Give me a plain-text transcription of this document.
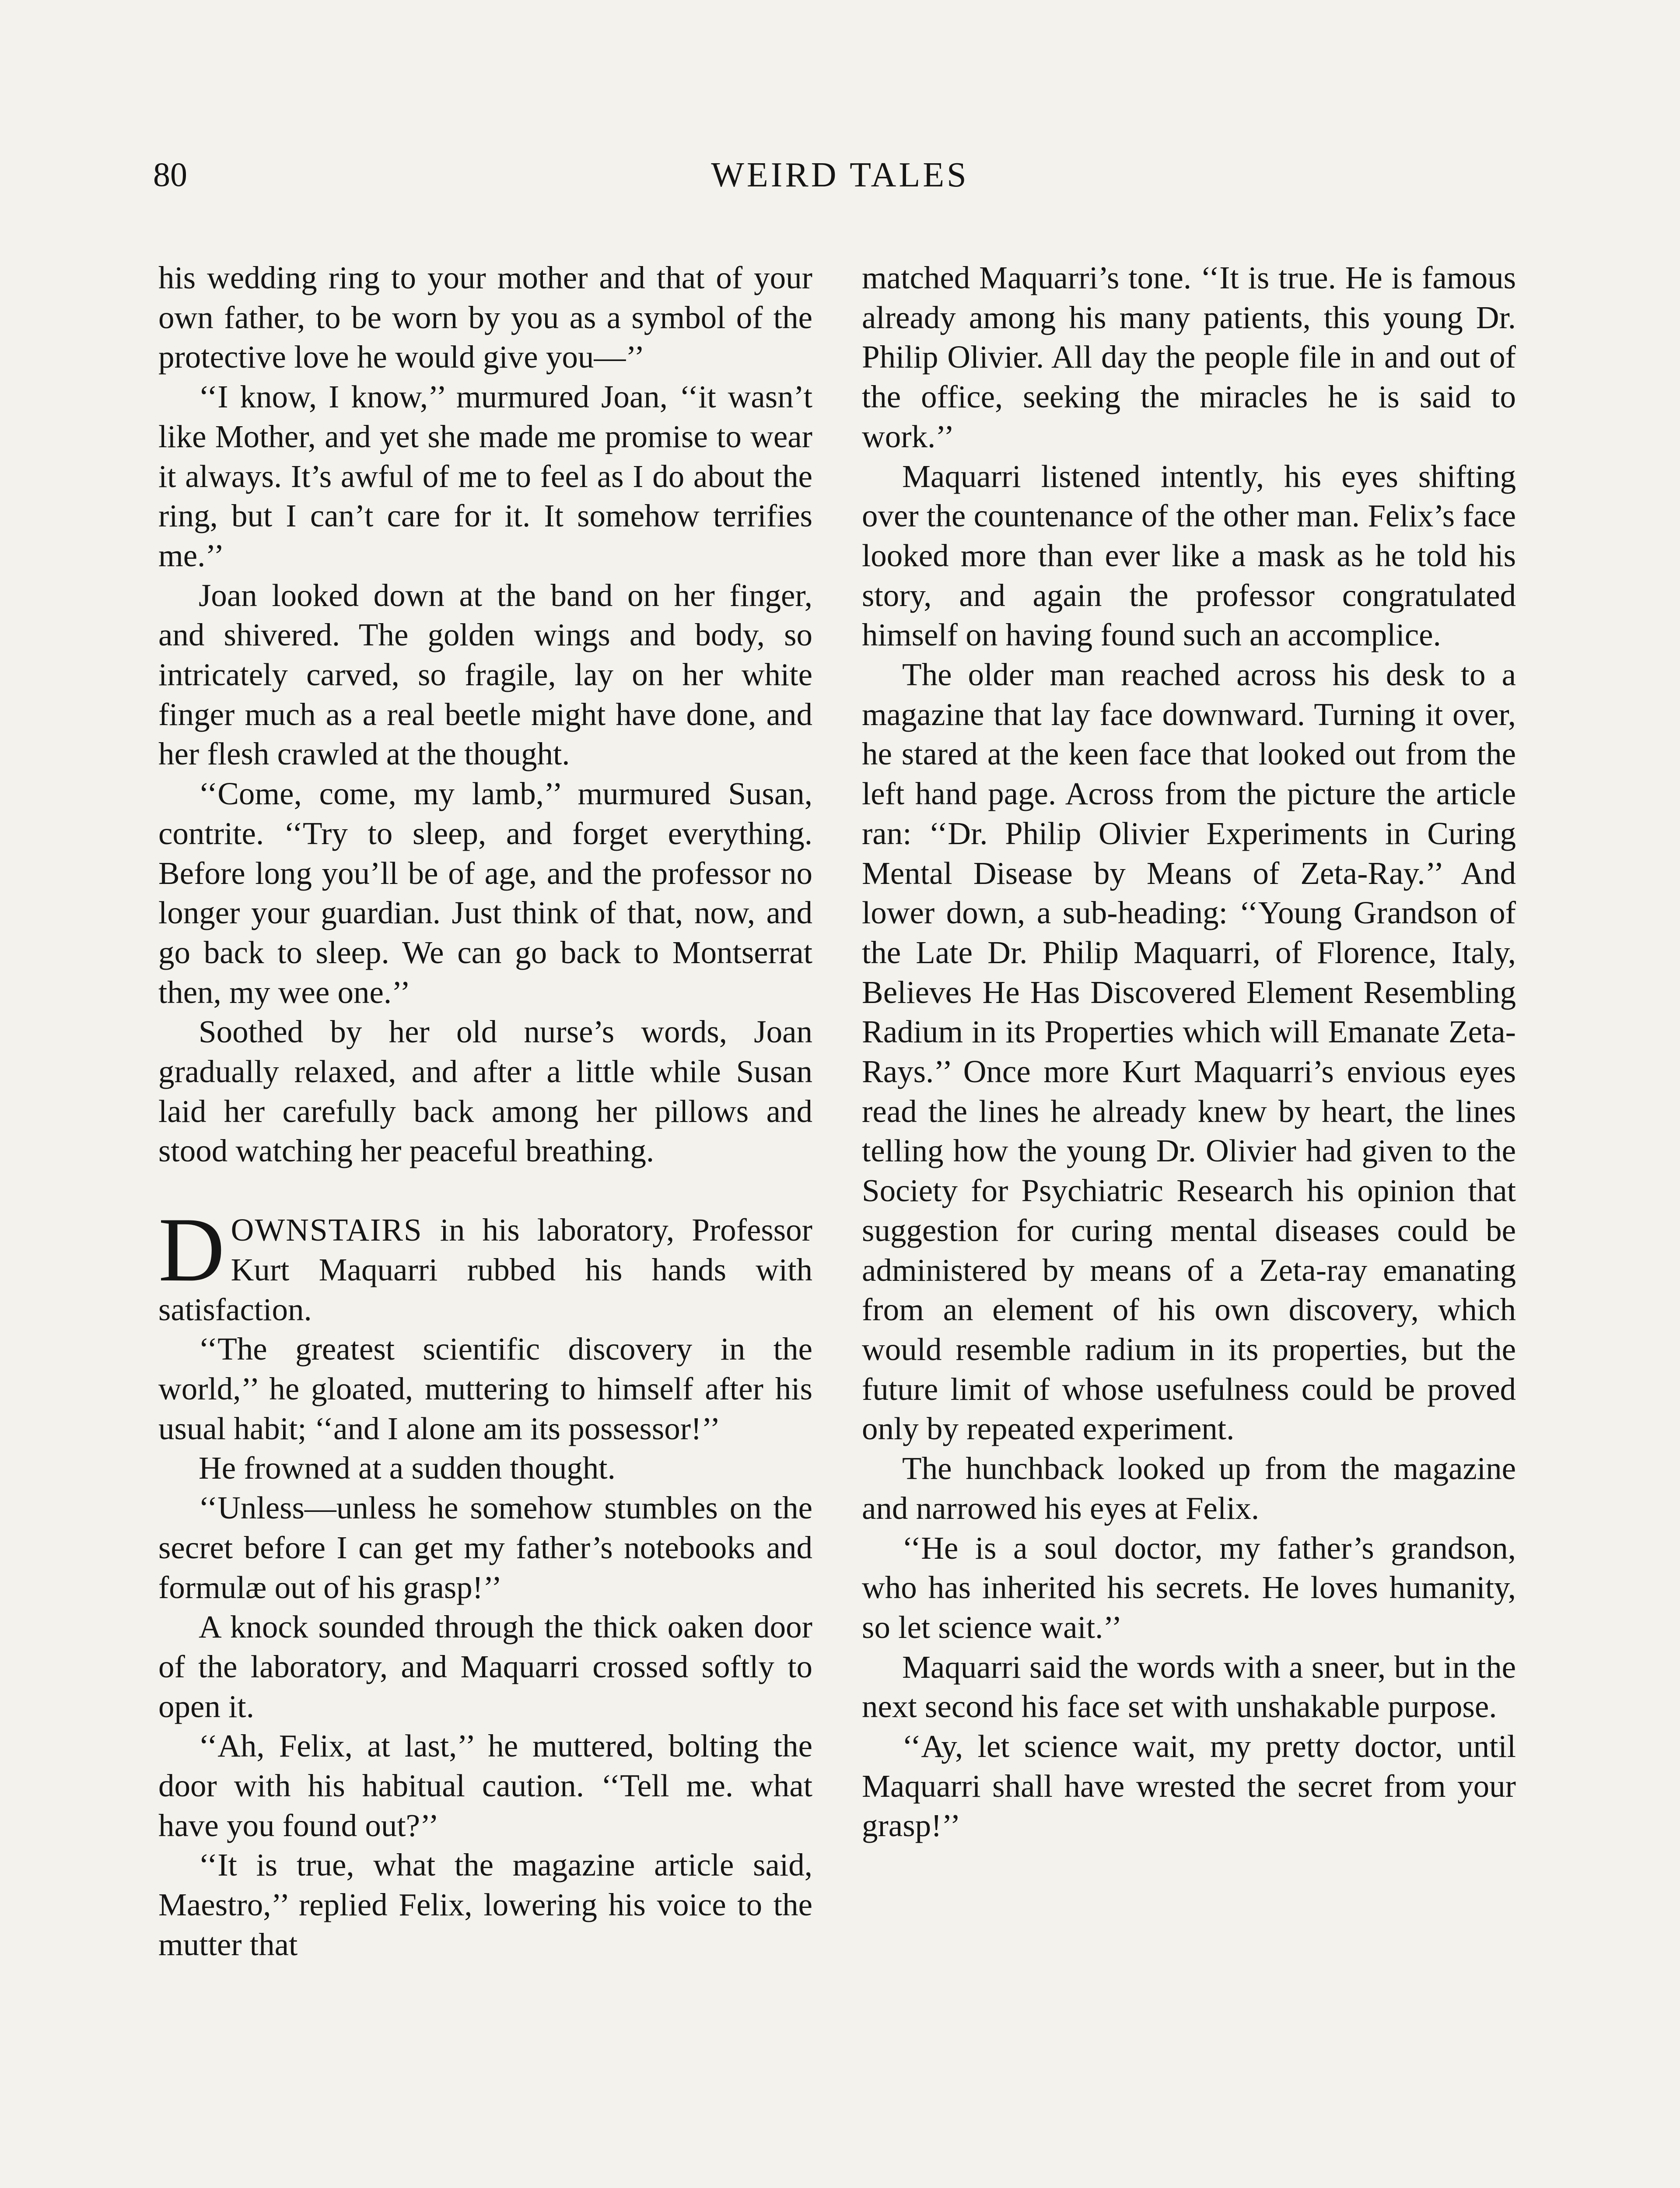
80	WEIRD TALES

his wedding ring to your mother and that of your own father, to be worn by you as a symbol of the protective love he would give you—’’

‘‘I know, I know,’’ murmured Joan, ‘‘it wasn’t like Mother, and yet she made me promise to wear it always. It’s awful of me to feel as I do about the ring, but I can’t care for it. It somehow terrifies me.’’

Joan looked down at the band on her finger, and shivered. The golden wings and body, so intricately carved, so fragile, lay on her white finger much as a real beetle might have done, and her flesh crawled at the thought.

‘‘Come, come, my lamb,’’ murmured Susan, contrite. ‘‘Try to sleep, and forget everything. Before long you’ll be of age, and the professor no longer your guardian. Just think of that, now, and go back to sleep. We can go back to Montserrat then, my wee one.’’

Soothed by her old nurse’s words, Joan gradually relaxed, and after a little while Susan laid her carefully back among her pillows and stood watching her peaceful breathing.

DOWNSTAIRS in his laboratory, Professor Kurt Maquarri rubbed his hands with satisfaction.

‘‘The greatest scientific discovery in the world,’’ he gloated, muttering to himself after his usual habit; ‘‘and I alone am its possessor!’’

He frowned at a sudden thought.

‘‘Unless—unless he somehow stumbles on the secret before I can get my father’s notebooks and formulæ out of his grasp!’’

A knock sounded through the thick oaken door of the laboratory, and Maquarri crossed softly to open it.

‘‘Ah, Felix, at last,’’ he muttered, bolting the door with his habitual caution. ‘‘Tell me. what have you found out?’’

‘‘It is true, what the magazine article said, Maestro,’’ replied Felix, lowering his voice to the mutter that

matched Maquarri’s tone. ‘‘It is true. He is famous already among his many patients, this young Dr. Philip Olivier. All day the people file in and out of the office, seeking the miracles he is said to work.’’

Maquarri listened intently, his eyes shifting over the countenance of the other man. Felix’s face looked more than ever like a mask as he told his story, and again the professor congratulated himself on having found such an accomplice.

The older man reached across his desk to a magazine that lay face downward. Turning it over, he stared at the keen face that looked out from the left hand page. Across from the picture the article ran: ‘‘Dr. Philip Olivier Experiments in Curing Mental Disease by Means of Zeta-Ray.’’ And lower down, a sub-heading: ‘‘Young Grandson of the Late Dr. Philip Maquarri, of Florence, Italy, Believes He Has Discovered Element Resembling Radium in its Properties which will Emanate Zeta-Rays.’’ Once more Kurt Maquarri’s envious eyes read the lines he already knew by heart, the lines telling how the young Dr. Olivier had given to the Society for Psychiatric Research his opinion that suggestion for curing mental diseases could be administered by means of a Zeta-ray emanating from an element of his own discovery, which would resemble radium in its properties, but the future limit of whose usefulness could be proved only by repeated experiment.

The hunchback looked up from the magazine and narrowed his eyes at Felix.

‘‘He is a soul doctor, my father’s grandson, who has inherited his secrets. He loves humanity, so let science wait.’’

Maquarri said the words with a sneer, but in the next second his face set with unshakable purpose.

‘‘Ay, let science wait, my pretty doctor, until Maquarri shall have wrested the secret from your grasp!’’
